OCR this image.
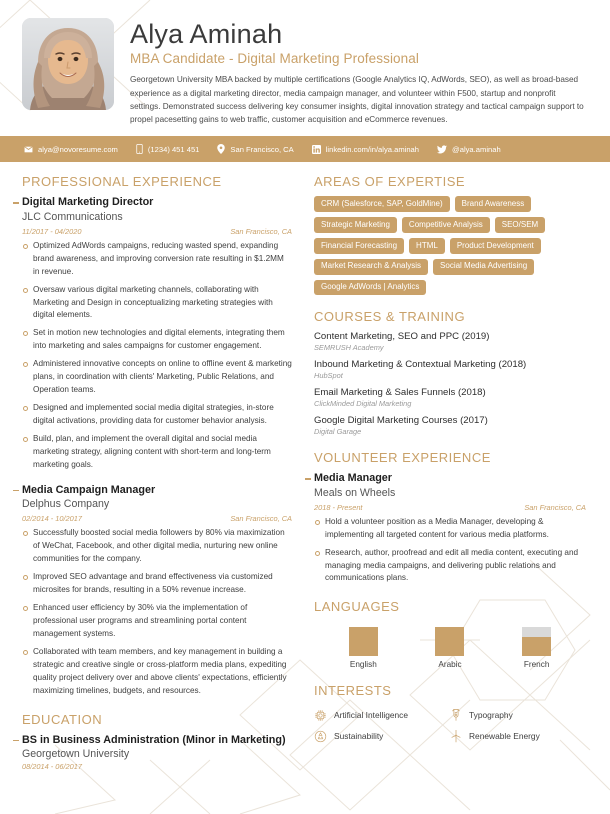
Alya Aminah
MBA Candidate - Digital Marketing Professional
Georgetown University MBA backed by multiple certifications (Google Analytics IQ, AdWords, SEO), as well as broad-based experience as a digital marketing director, media campaign manager, and volunteer within F500, startup and nonprofit settings. Demonstrated success delivering key consumer insights, digital innovation strategy and tactical campaign support to propel pacesetting gains to web traffic, customer acquisition and eCommerce revenues.
alya@novoresume.com	(1234) 451 451	San Francisco, CA	linkedin.com/in/alya.aminah	@alya.aminah
PROFESSIONAL EXPERIENCE
Digital Marketing Director
JLC Communications
11/2017 - 04/2020	San Francisco, CA
Optimized AdWords campaigns, reducing wasted spend, expanding brand awareness, and improving conversion rate resulting in $1.2MM in revenue.
Oversaw various digital marketing channels, collaborating with Marketing and Design in conceptualizing marketing strategies with digital elements.
Set in motion new technologies and digital elements, integrating them into marketing and sales campaigns for customer engagement.
Administered innovative concepts on online to offline event & marketing plans, in coordination with clients' Marketing, Public Relations, and Operation teams.
Designed and implemented social media digital strategies, in-store digital activations, providing data for customer behavior analysis.
Build, plan, and implement the overall digital and social media marketing strategy, aligning content with short-term and long-term marketing goals.
Media Campaign Manager
Delphus Company
02/2014 - 10/2017	San Francisco, CA
Successfully boosted social media followers by 80% via maximization of WeChat, Facebook, and other digital media, nurturing new online communities for the company.
Improved SEO advantage and brand effectiveness via customized microsites for brands, resulting in a 50% revenue increase.
Enhanced user efficiency by 30% via the implementation of professional user programs and streamlining portal content management systems.
Collaborated with team members, and key management in building a strategic and creative single or cross-platform media plans, expediting quality project delivery over and above clients' expectations, efficiently maximizing timelines, budgets, and resources.
EDUCATION
BS in Business Administration (Minor in Marketing)
Georgetown University
08/2014 - 06/2017
AREAS OF EXPERTISE
CRM (Salesforce, SAP, GoldMine)	Brand Awareness
Strategic Marketing	Competitive Analysis	SEO/SEM
Financial Forecasting	HTML	Product Development
Market Research & Analysis	Social Media Advertising
Google AdWords | Analytics
COURSES & TRAINING
Content Marketing, SEO and PPC (2019)
SEMRUSH Academy
Inbound Marketing & Contextual Marketing (2018)
HubSpot
Email Marketing & Sales Funnels (2018)
ClickMinded Digital Marketing
Google Digital Marketing Courses (2017)
Digital Garage
VOLUNTEER EXPERIENCE
Media Manager
Meals on Wheels
2018 - Present	San Francisco, CA
Hold a volunteer position as a Media Manager, developing & implementing all targeted content for various media platforms.
Research, author, proofread and edit all media content, executing and managing media campaigns, and delivering public relations and communications plans.
LANGUAGES
English	Arabic	French
INTERESTS
Artificial Intelligence	Typography
Sustainability	Renewable Energy
